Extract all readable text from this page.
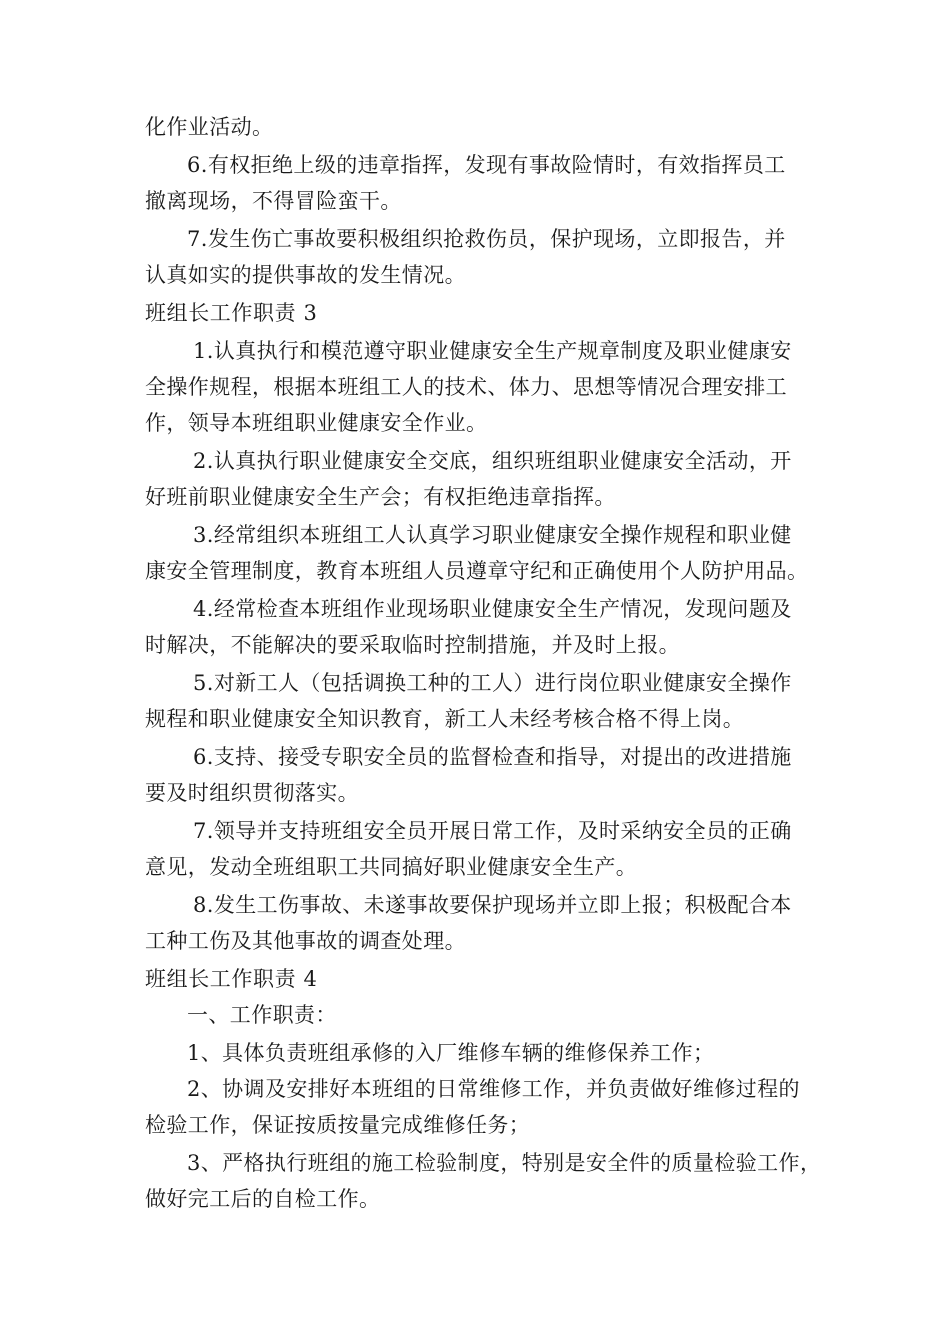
化作业活动。
6.有权拒绝上级的违章指挥，发现有事故险情时，有效指挥员工
撤离现场，不得冒险蛮干。
7.发生伤亡事故要积极组织抢救伤员，保护现场，立即报告，并
认真如实的提供事故的发生情况。
班组长工作职责 3
1.认真执行和模范遵守职业健康安全生产规章制度及职业健康安
全操作规程，根据本班组工人的技术、体力、思想等情况合理安排工
作，领导本班组职业健康安全作业。
2.认真执行职业健康安全交底，组织班组职业健康安全活动，开
好班前职业健康安全生产会；有权拒绝违章指挥。
3.经常组织本班组工人认真学习职业健康安全操作规程和职业健
康安全管理制度，教育本班组人员遵章守纪和正确使用个人防护用品。
4.经常检查本班组作业现场职业健康安全生产情况，发现问题及
时解决，不能解决的要采取临时控制措施，并及时上报。
5.对新工人（包括调换工种的工人）进行岗位职业健康安全操作
规程和职业健康安全知识教育，新工人未经考核合格不得上岗。
6.支持、接受专职安全员的监督检查和指导，对提出的改进措施
要及时组织贯彻落实。
7.领导并支持班组安全员开展日常工作，及时采纳安全员的正确
意见，发动全班组职工共同搞好职业健康安全生产。
8.发生工伤事故、未遂事故要保护现场并立即上报；积极配合本
工种工伤及其他事故的调查处理。
班组长工作职责 4
一、工作职责：
1、具体负责班组承修的入厂维修车辆的维修保养工作；
2、协调及安排好本班组的日常维修工作，并负责做好维修过程的
检验工作，保证按质按量完成维修任务；
3、严格执行班组的施工检验制度，特别是安全件的质量检验工作，
做好完工后的自检工作。
